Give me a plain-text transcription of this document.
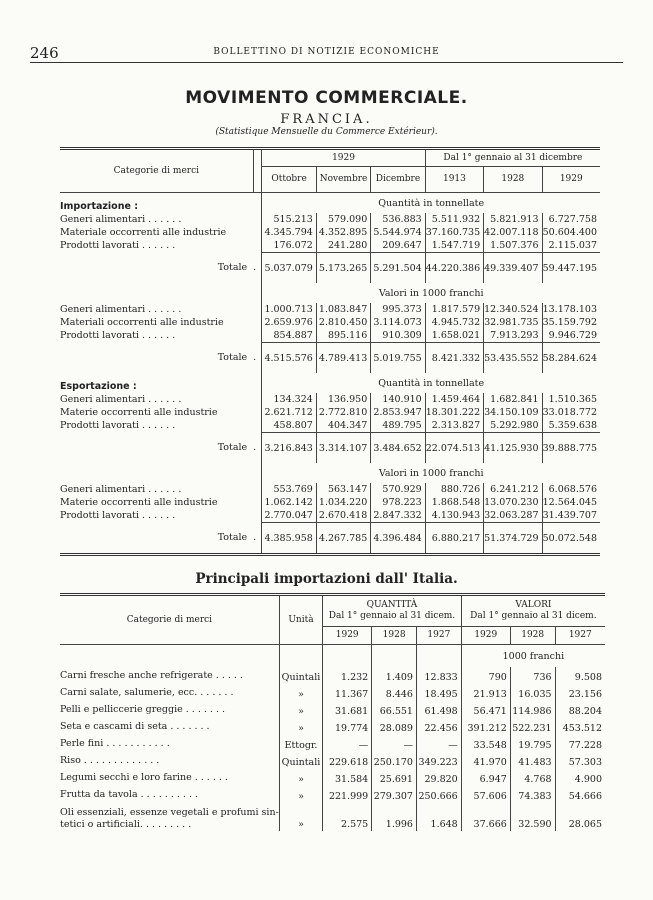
246	BOLLETTINO DI NOTIZIE ECONOMICHE
MOVIMENTO COMMERCIALE.
FRANCIA.
(Statistique Mensuelle du Commerce Extérieur).
Categorie di merci		1929			Dal 1° gennaio al 31 dicembre		
		Ottobre	Novembre	Dicembre	1913	1928	1929
Importazione :		Quantità in tonnellate					
Generi alimentari . . . . . .		515.213	579.090	536.883	5.511.932	5.821.913	6.727.758
Materiale occorrenti alle industrie		4.345.794	4.352.895	5.544.974	37.160.735	42.007.118	50.604.400
Prodotti lavorati . . . . . .		176.072	241.280	209.647	1.547.719	1.507.376	2.115.037
Totale	.	5.037.079	5.173.265	5.291.504	44.220.386	49.339.407	59.447.195
		Valori in 1000 franchi					
Generi alimentari . . . . . .		1.000.713	1.083.847	995.373	1.817.579	12.340.524	13.178.103
Materiali occorrenti alle industrie		2.659.976	2.810.450	3.114.073	4.945.732	32.981.735	35.159.792
Prodotti lavorati . . . . . .		854.887	895.116	910.309	1.658.021	7.913.293	9.946.729
Totale	.	4.515.576	4.789.413	5.019.755	8.421.332	53.435.552	58.284.624
Esportazione :		Quantità in tonnellate					
Generi alimentari . . . . . .		134.324	136.950	140.910	1.459.464	1.682.841	1.510.365
Materie occorrenti alle industrie		2.621.712	2.772.810	2.853.947	18.301.222	34.150.109	33.018.772
Prodotti lavorati . . . . . .		458.807	404.347	489.795	2.313.827	5.292.980	5.359.638
Totale	.	3.216.843	3.314.107	3.484.652	22.074.513	41.125.930	39.888.775
		Valori in 1000 franchi					
Generi alimentari . . . . . .		553.769	563.147	570.929	880.726	6.241.212	6.068.576
Materie occorrenti alle industrie		1.062.142	1.034.220	978.223	1.868.548	13.070.230	12.564.045
Prodotti lavorati . . . . . .		2.770.047	2.670.418	2.847.332	4.130.943	32.063.287	31.439.707
Totale	.	4.385.958	4.267.785	4.396.484	6.880.217	51.374.729	50.072.548
Principali importazioni dall' Italia.
Categorie di merci	Unità	QUANTITÀ
Dal 1° gennaio al 31 dicem.			VALORI
Dal 1° gennaio al 31 dicem.		
		1929	1928	1927	1929	1928	1927
					1000 franchi		
Carni fresche anche refrigerate . . . . .	Quintali	1.232	1.409	12.833	790	736	9.508
Carni salate, salumerie, ecc. . . . . . .	»	11.367	8.446	18.495	21.913	16.035	23.156
Pelli e pelliccerie greggie . . . . . . .	»	31.681	66.551	61.498	56.471	114.986	88.204
Seta e cascami di seta . . . . . . .	»	19.774	28.089	22.456	391.212	522.231	453.512
Perle fini . . . . . . . . . . .	Ettogr.	—	—	—	33.548	19.795	77.228
Riso . . . . . . . . . . . . .	Quintali	229.618	250.170	349.223	41.970	41.483	57.303
Legumi secchi e loro farine . . . . . .	»	31.584	25.691	29.820	6.947	4.768	4.900
Frutta da tavola . . . . . . . . . .	»	221.999	279.307	250.666	57.606	74.383	54.666
Oli essenziali, essenze vegetali e profumi sin-
tetici o artificiali. . . . . . . . .	»	2.575	1.996	1.648	37.666	32.590	28.065
